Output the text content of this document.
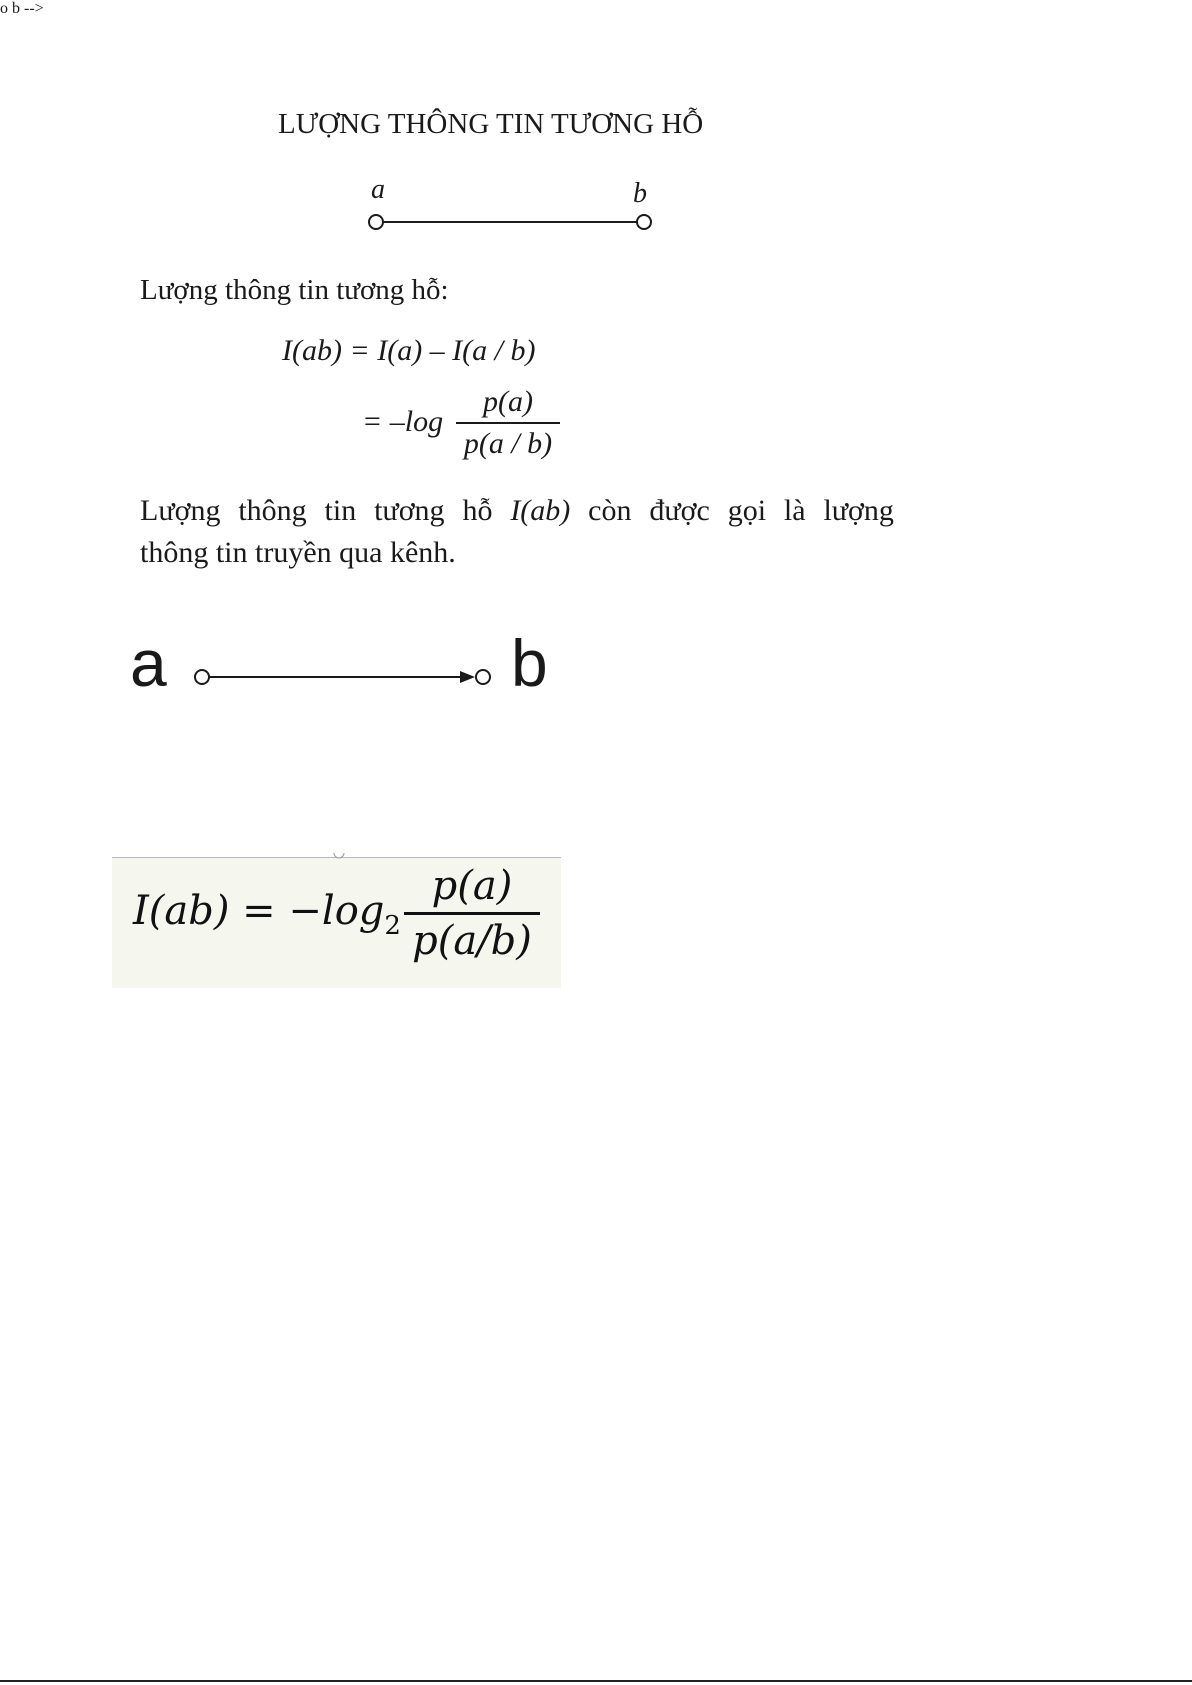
LƯỢNG THÔNG TIN TƯƠNG HỖ
a	b
Lượng thông tin tương hỗ:
I(ab) = I(a) – I(a / b)
= –log
p(a)
p(a / b)
Lượng thông tin tương hỗ I(ab) còn được gọi là lượng
thông tin truyền qua kênh.
o b -->
a	b
$I(ab) = -\log_2$
p(a)
p(a/b)
